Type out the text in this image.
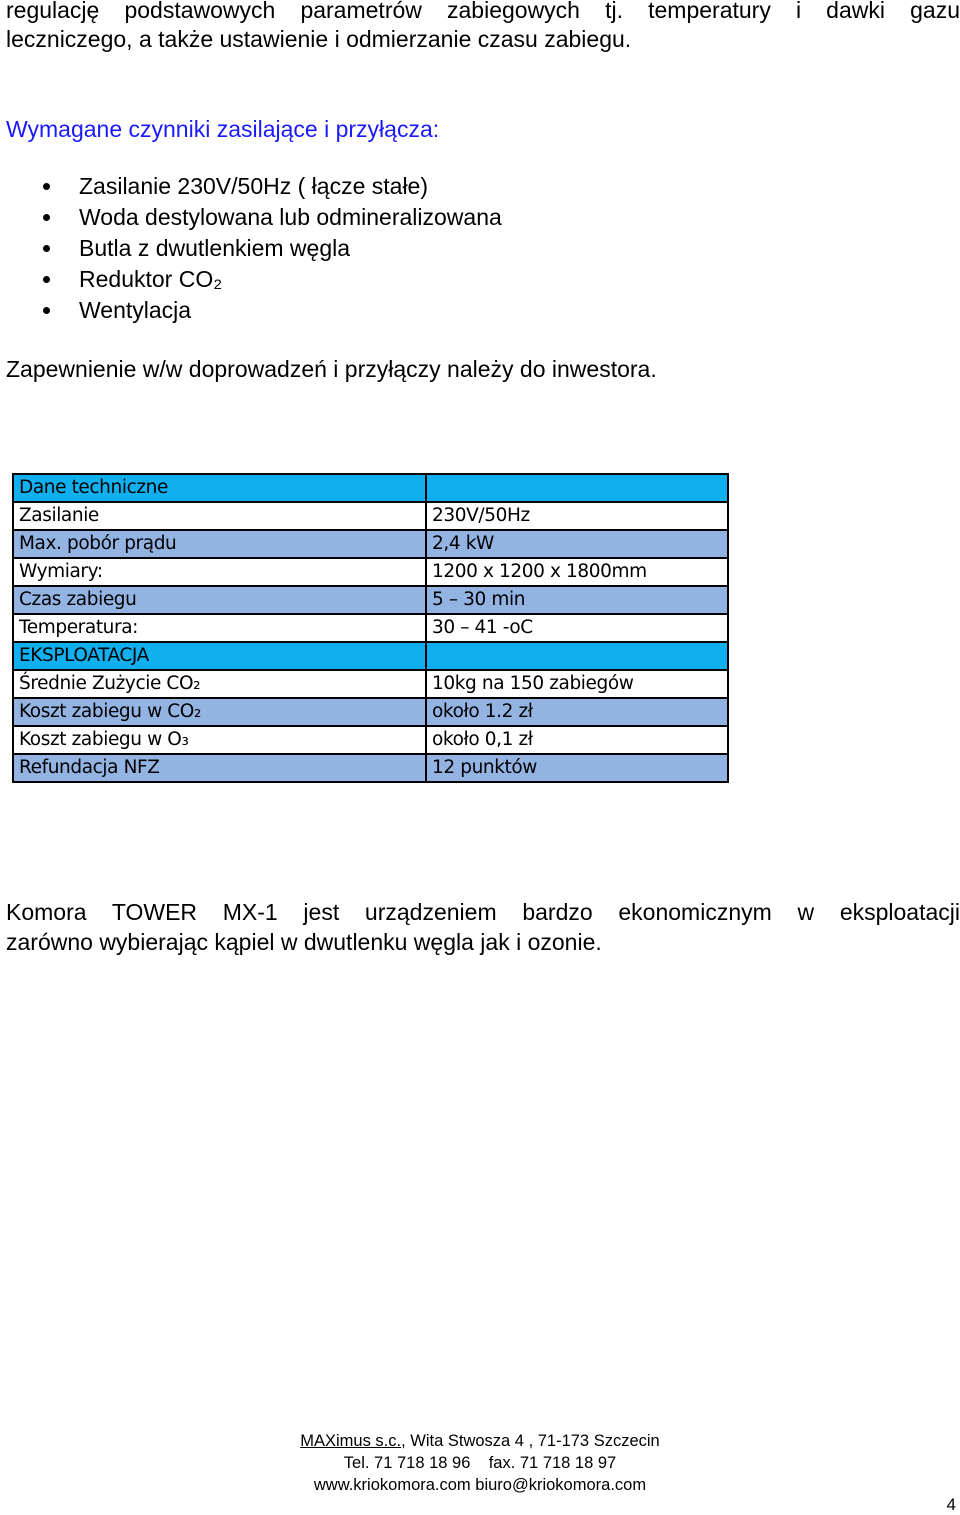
regulację podstawowych parametrów zabiegowych tj. temperatury i dawki gazu
leczniczego, a także ustawienie i odmierzanie czasu zabiegu.

Wymagane czynniki zasilające i przyłącza:
Zasilanie 230V/50Hz ( łącze stałe)
Woda destylowana lub odmineralizowana
Butla z dwutlenkiem węgla
Reduktor CO₂
Wentylacja

Zapewnienie w/w doprowadzeń i przyłączy należy do inwestora.

Dane techniczne	
Zasilanie	230V/50Hz
Max. pobór prądu	2,4 kW
Wymiary:	1200 x 1200 x 1800mm
Czas zabiegu	5 – 30 min
Temperatura:	30 – 41 -oC
EKSPLOATACJA	
Średnie Zużycie CO₂	10kg na 150 zabiegów
Koszt zabiegu w CO₂	około 1.2 zł
Koszt zabiegu w O₃	około 0,1 zł
Refundacja NFZ	12 punktów

Komora TOWER MX-1 jest urządzeniem bardzo ekonomicznym w eksploatacji
zarówno wybierając kąpiel w dwutlenku węgla jak i ozonie.

MAXimus s.c., Wita Stwosza 4 , 71-173 Szczecin
Tel. 71 718 18 96    fax. 71 718 18 97
www.kriokomora.com biuro@kriokomora.com
4
